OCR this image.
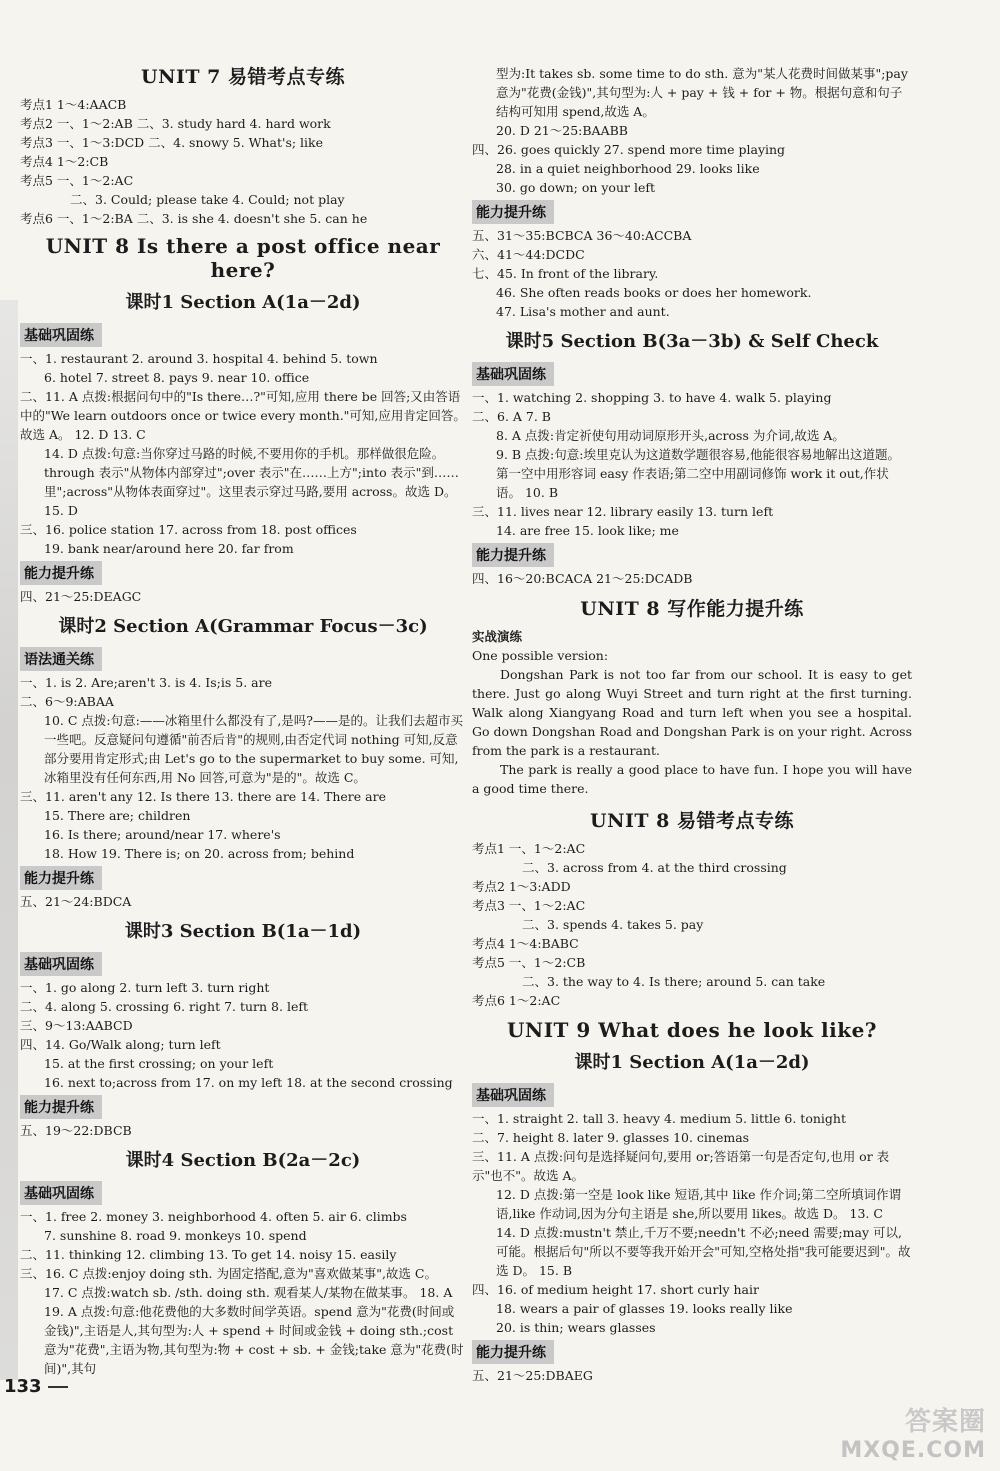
UNIT 7 易错考点专练
考点1 1～4:AACB
考点2 一、1～2:AB 二、3. study hard 4. hard work
考点3 一、1～3:DCD 二、4. snowy 5. What's; like
考点4 1～2:CB
考点5 一、1～2:AC
二、3. Could; please take 4. Could; not play
考点6 一、1～2:BA 二、3. is she 4. doesn't she 5. can he
UNIT 8 Is there a post office near here?
课时1 Section A(1a－2d)
基础巩固练
一、1. restaurant 2. around 3. hospital 4. behind 5. town
6. hotel 7. street 8. pays 9. near 10. office
二、11. A 点拨:根据问句中的"Is there…?"可知,应用 there be 回答;又由答语中的"We learn outdoors once or twice every month."可知,应用肯定回答。故选 A。 12. D 13. C
14. D 点拨:句意:当你穿过马路的时候,不要用你的手机。那样做很危险。through 表示"从物体内部穿过";over 表示"在……上方";into 表示"到……里";across"从物体表面穿过"。这里表示穿过马路,要用 across。故选 D。 15. D
三、16. police station 17. across from 18. post offices
19. bank near/around here 20. far from
能力提升练
四、21～25:DEAGC
课时2 Section A(Grammar Focus－3c)
语法通关练
一、1. is 2. Are;aren't 3. is 4. Is;is 5. are
二、6～9:ABAA
10. C 点拨:句意:——冰箱里什么都没有了,是吗?——是的。让我们去超市买一些吧。反意疑问句遵循"前否后肯"的规则,由否定代词 nothing 可知,反意部分要用肯定形式;由 Let's go to the supermarket to buy some. 可知,冰箱里没有任何东西,用 No 回答,可意为"是的"。故选 C。
三、11. aren't any 12. Is there 13. there are 14. There are
15. There are; children
16. Is there; around/near 17. where's
18. How 19. There is; on 20. across from; behind
能力提升练
五、21～24:BDCA
课时3 Section B(1a－1d)
基础巩固练
一、1. go along 2. turn left 3. turn right
二、4. along 5. crossing 6. right 7. turn 8. left
三、9～13:AABCD
四、14. Go/Walk along; turn left
15. at the first crossing; on your left
16. next to;across from 17. on my left 18. at the second crossing
能力提升练
五、19～22:DBCB
课时4 Section B(2a－2c)
基础巩固练
一、1. free 2. money 3. neighborhood 4. often 5. air 6. climbs
7. sunshine 8. road 9. monkeys 10. spend
二、11. thinking 12. climbing 13. To get 14. noisy 15. easily
三、16. C 点拨:enjoy doing sth. 为固定搭配,意为"喜欢做某事",故选 C。
17. C 点拨:watch sb. /sth. doing sth. 观看某人/某物在做某事。 18. A
19. A 点拨:句意:他花费他的大多数时间学英语。spend 意为"花费(时间或金钱)",主语是人,其句型为:人 + spend + 时间或金钱 + doing sth.;cost 意为"花费",主语为物,其句型为:物 + cost + sb. + 金钱;take 意为"花费(时间)",其句
型为:It takes sb. some time to do sth. 意为"某人花费时间做某事";pay 意为"花费(金钱)",其句型为:人 + pay + 钱 + for + 物。根据句意和句子结构可知用 spend,故选 A。
20. D 21～25:BAABB
四、26. goes quickly 27. spend more time playing
28. in a quiet neighborhood 29. looks like
30. go down; on your left
能力提升练
五、31～35:BCBCA 36～40:ACCBA
六、41～44:DCDC
七、45. In front of the library.
46. She often reads books or does her homework.
47. Lisa's mother and aunt.
课时5 Section B(3a－3b) & Self Check
基础巩固练
一、1. watching 2. shopping 3. to have 4. walk 5. playing
二、6. A 7. B
8. A 点拨:肯定祈使句用动词原形开头,across 为介词,故选 A。
9. B 点拨:句意:埃里克认为这道数学题很容易,他能很容易地解出这道题。第一空中用形容词 easy 作表语;第二空中用副词修饰 work it out,作状语。 10. B
三、11. lives near 12. library easily 13. turn left
14. are free 15. look like; me
能力提升练
四、16～20:BCACA 21～25:DCADB
UNIT 8 写作能力提升练
实战演练
One possible version:
Dongshan Park is not too far from our school. It is easy to get there. Just go along Wuyi Street and turn right at the first turning. Walk along Xiangyang Road and turn left when you see a hospital. Go down Dongshan Road and Dongshan Park is on your right. Across from the park is a restaurant.
The park is really a good place to have fun. I hope you will have a good time there.
UNIT 8 易错考点专练
考点1 一、1～2:AC
二、3. across from 4. at the third crossing
考点2 1～3:ADD
考点3 一、1～2:AC
二、3. spends 4. takes 5. pay
考点4 1～4:BABC
考点5 一、1～2:CB
二、3. the way to 4. Is there; around 5. can take
考点6 1～2:AC
UNIT 9 What does he look like?
课时1 Section A(1a－2d)
基础巩固练
一、1. straight 2. tall 3. heavy 4. medium 5. little 6. tonight
二、7. height 8. later 9. glasses 10. cinemas
三、11. A 点拨:问句是选择疑问句,要用 or;答语第一句是否定句,也用 or 表示"也不"。故选 A。
12. D 点拨:第一空是 look like 短语,其中 like 作介词;第二空所填词作谓语,like 作动词,因为分句主语是 she,所以要用 likes。故选 D。 13. C
14. D 点拨:mustn't 禁止,千万不要;needn't 不必;need 需要;may 可以,可能。根据后句"所以不要等我开始开会"可知,空格处指"我可能要迟到"。故选 D。 15. B
四、16. of medium height 17. short curly hair
18. wears a pair of glasses 19. looks really like
20. is thin; wears glasses
能力提升练
五、21～25:DBAEG
133
答案圈
MXQE.COM
